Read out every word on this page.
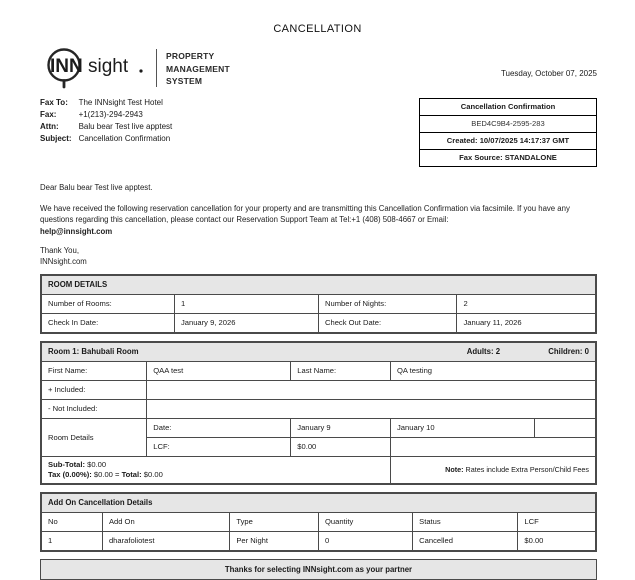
CANCELLATION
INN sight	PROPERTY
MANAGEMENT
SYSTEM
Tuesday, October 07, 2025
Fax To:	The INNsight Test Hotel
Fax:	+1(213)-294-2943
Attn:	Balu bear Test live apptest
Subject:	Cancellation Confirmation
Cancellation Confirmation
BED4C9B4-2595-283
Created: 10/07/2025 14:17:37 GMT
Fax Source: STANDALONE

Dear Balu bear Test live apptest.

We have received the following reservation cancellation for your property and are transmitting this Cancellation Confirmation via facsimile. If you have any questions regarding this cancellation, please contact our Reservation Support Team at Tel:+1 (408) 508-4667 or Email:
help@innsight.com

Thank You,
INNsight.com

ROOM DETAILS			
Number of Rooms:	1	Number of Nights:	2
Check In Date:	January 9, 2026	Check Out Date:	January 11, 2026
Room 1: Bahubali Room Adults: 2 Children: 0				

First Name:	QAA test	Last Name:	QA testing	
+ Included:				
- Not Included:				
Room Details	Date:	January 9	January 10	
	LCF:	$0.00		

Sub-Total: $0.00
Tax (0.00%): $0.00 = Total: $0.00			Note: Rates include Extra Person/Child Fees	
Add On Cancellation Details					
No	Add On	Type	Quantity	Status	LCF
1	dharafoliotest	Per Night	0	Cancelled	$0.00
Thanks for selecting INNsight.com as your partner
